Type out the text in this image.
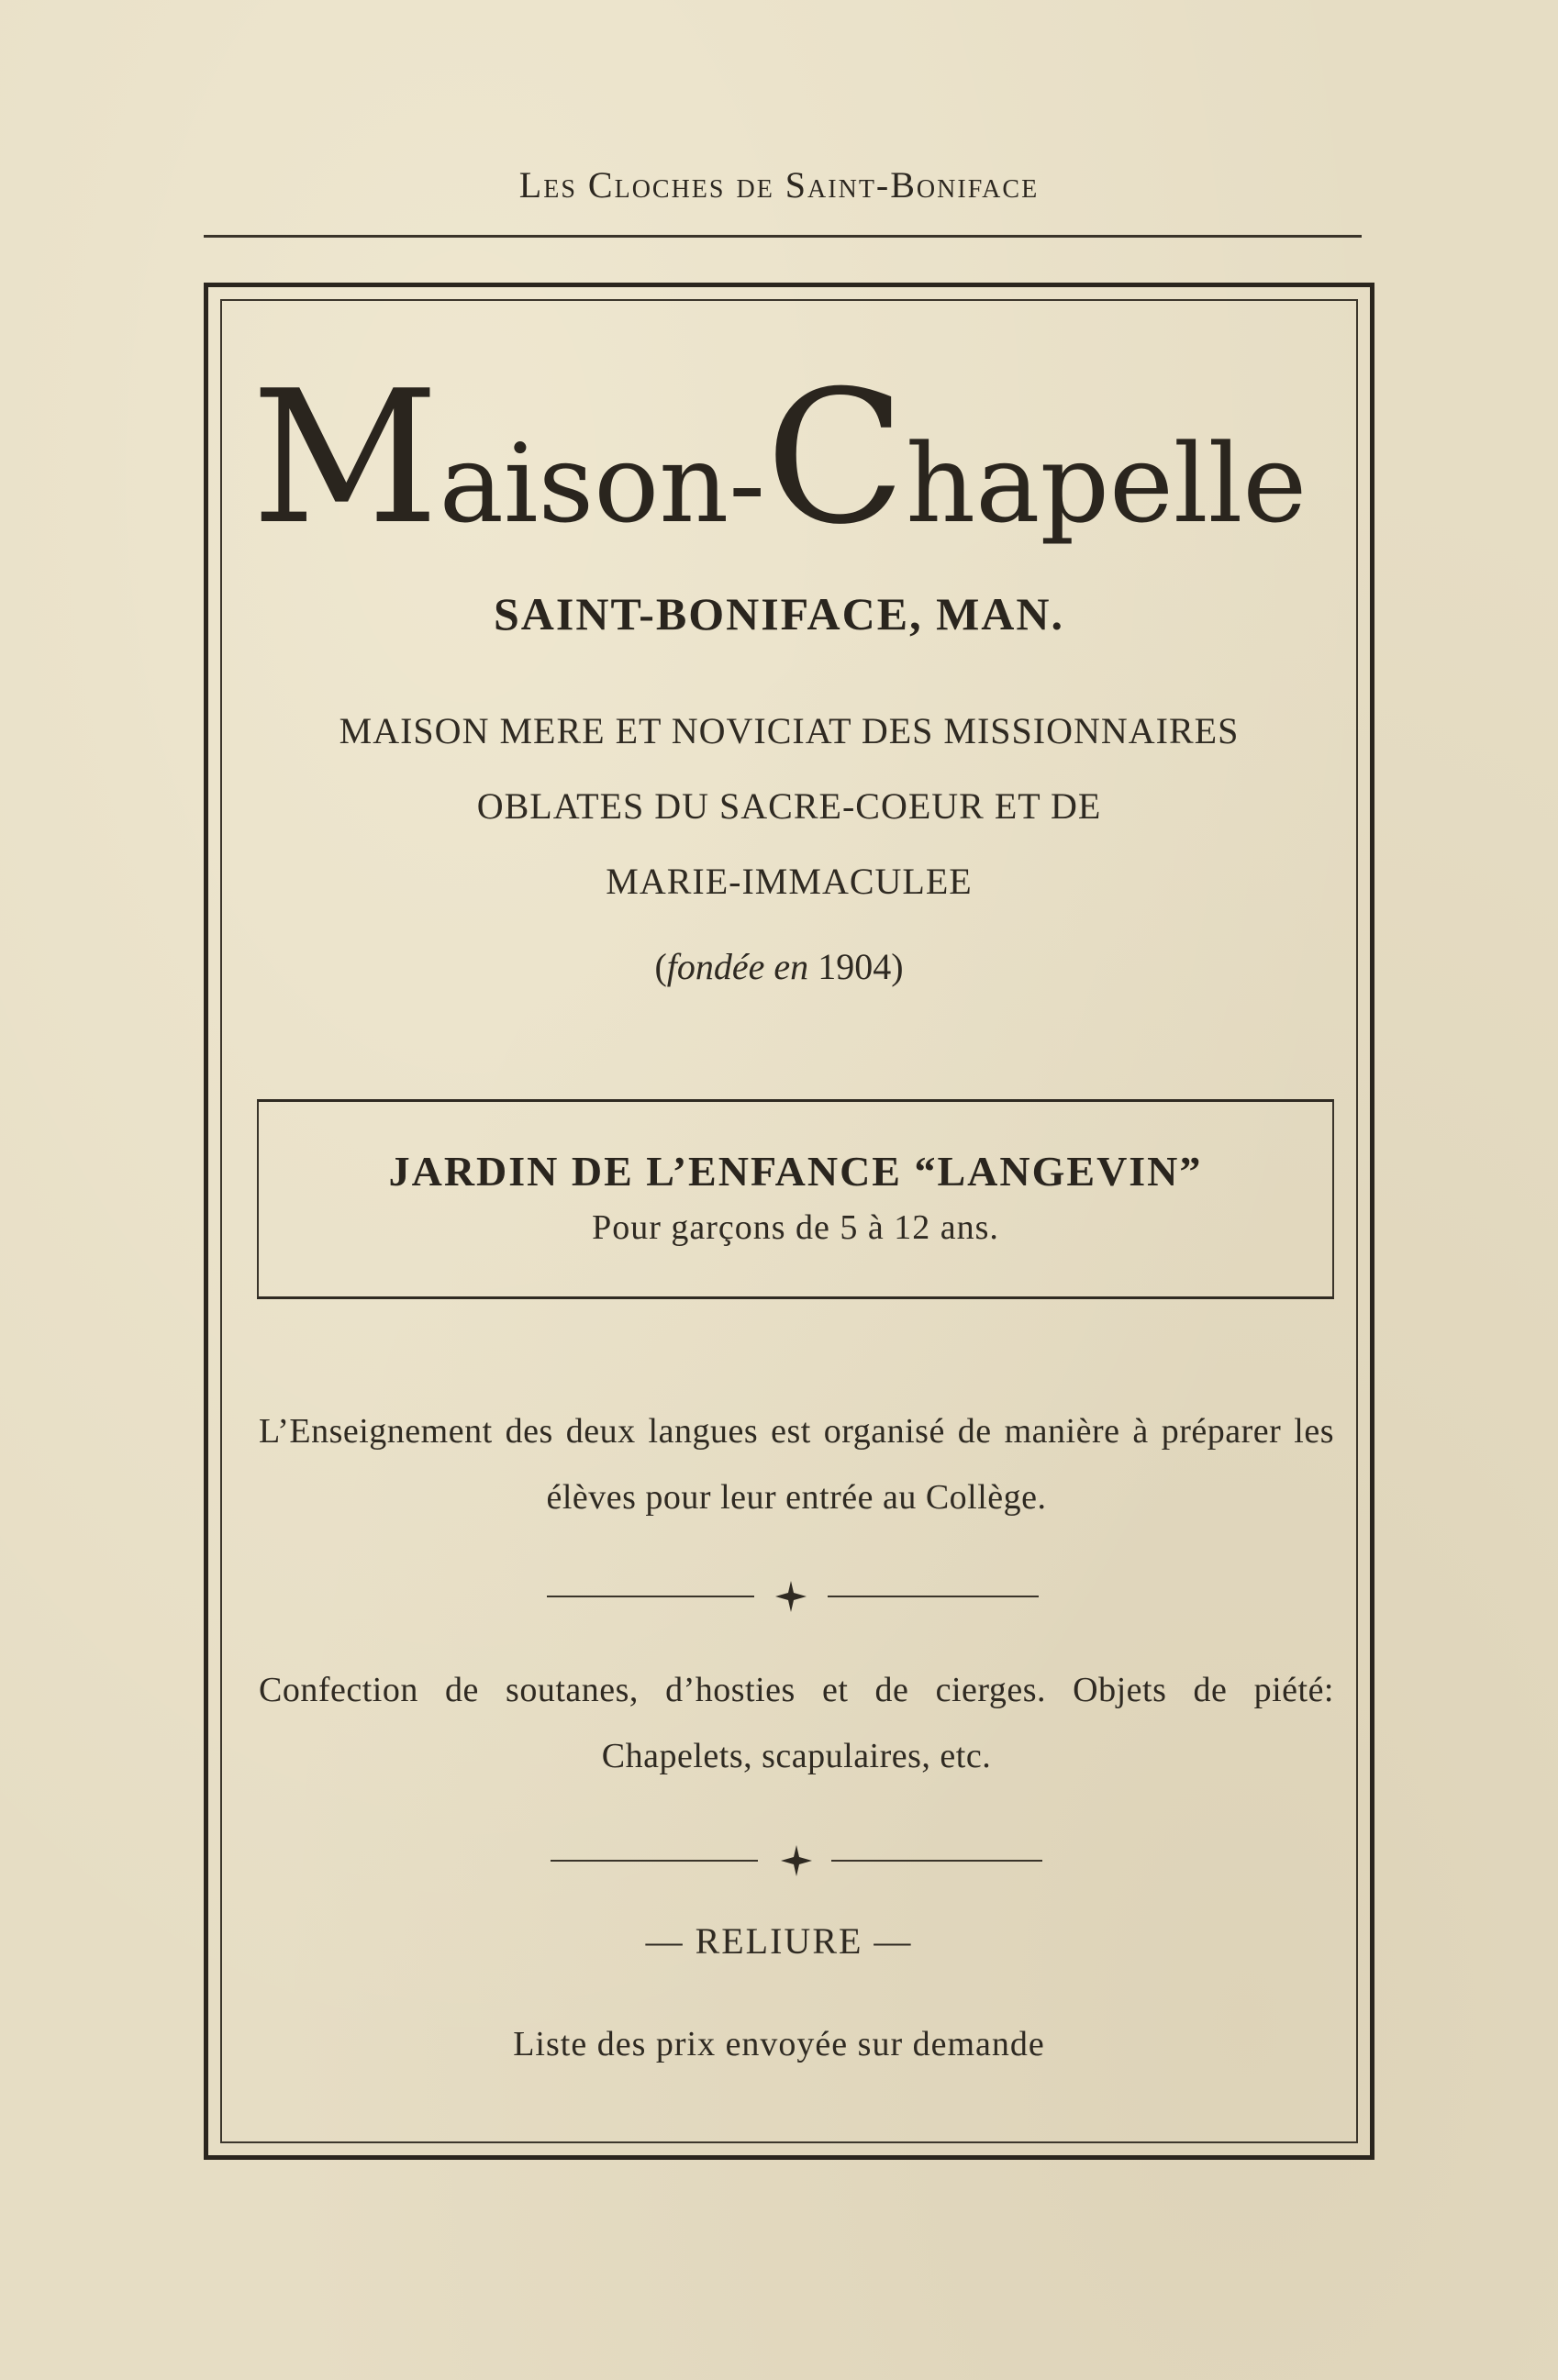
Les Cloches de Saint-Boniface
Maison-Chapelle
SAINT-BONIFACE, MAN.
MAISON MERE ET NOVICIAT DES MISSIONNAIRES
OBLATES DU SACRE-COEUR ET DE
MARIE-IMMACULEE
(fondée en 1904)
JARDIN DE L’ENFANCE “LANGEVIN”
Pour garçons de 5 à 12 ans.
L’Enseignement des deux langues est organisé de manière à préparer les élèves pour leur entrée au Collège.
Confection de soutanes, d’hosties et de cierges. Objets de piété: Chapelets, scapulaires, etc.
— RELIURE —
Liste des prix envoyée sur demande
